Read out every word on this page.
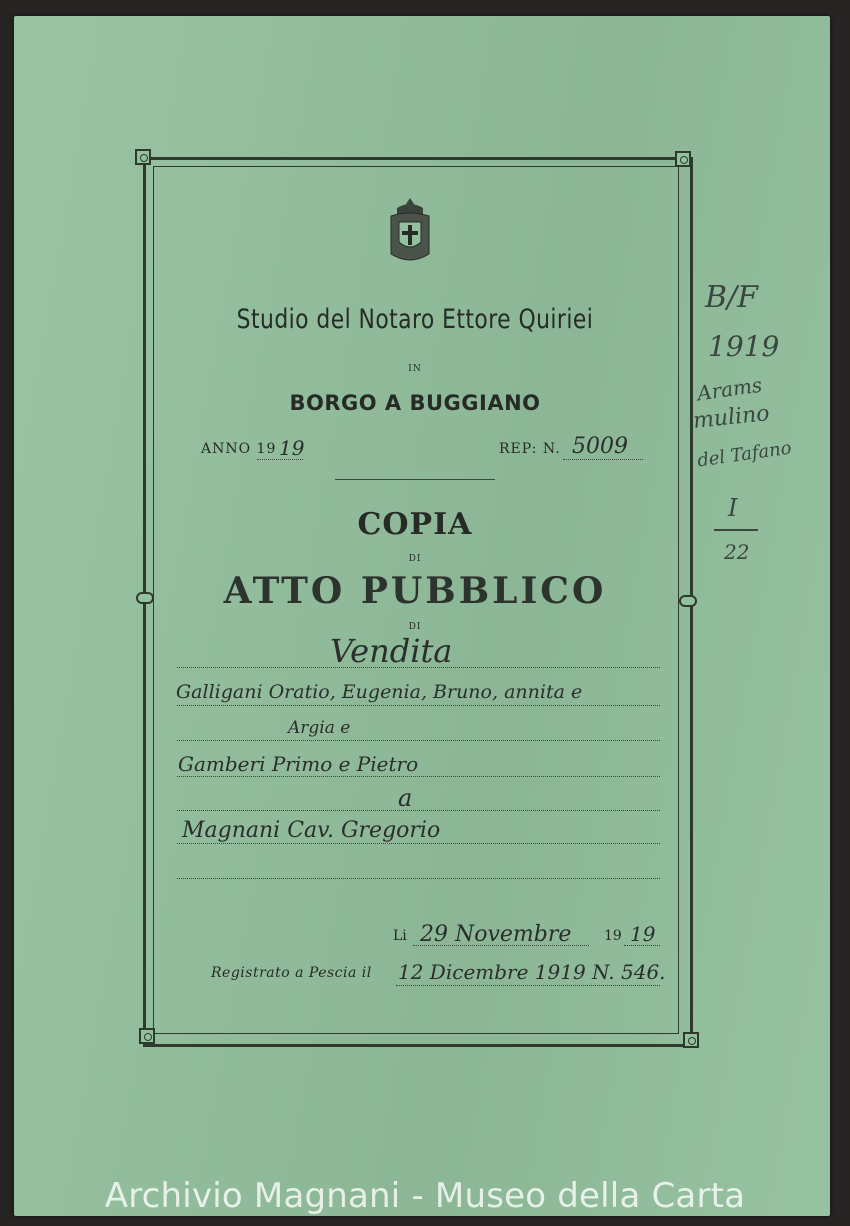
Studio del Notaro Ettore Quiriei
IN
BORGO A BUGGIANO
ANNO 19 19	REP: N. 5009
COPIA
DI
ATTO PUBBLICO
DI
Vendita
Galligani Oratio, Eugenia, Bruno, annita e
Argia e
Gamberi Primo e Pietro
a
Magnani Cav. Gregorio
Li 29 Novembre 19 19
Registrato a Pescia il 12 Dicembre 1919 N. 546.
B/F
1919
Arams
mulino
del Tafano
I
22
Archivio Magnani - Museo della Carta
